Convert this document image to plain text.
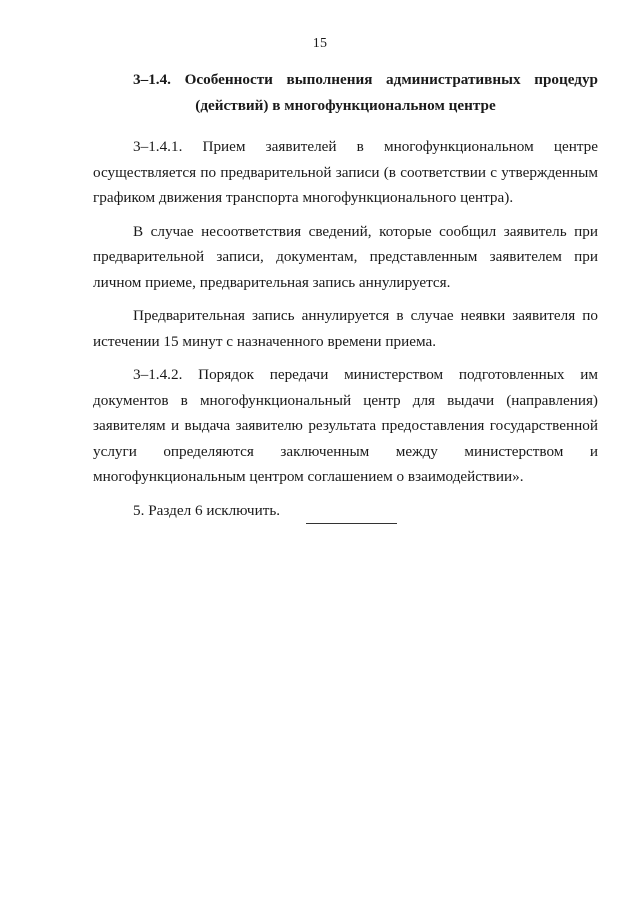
15

3–1.4. Особенности выполнения административных процедур (действий) в многофункциональном центре

3–1.4.1. Прием заявителей в многофункциональном центре осуществляется по предварительной записи (в соответствии с утвержденным графиком движения транспорта многофункционального центра).

В случае несоответствия сведений, которые сообщил заявитель при предварительной записи, документам, представленным заявителем при личном приеме, предварительная запись аннулируется.

Предварительная запись аннулируется в случае неявки заявителя по истечении 15 минут с назначенного времени приема.

3–1.4.2. Порядок передачи министерством подготовленных им документов в многофункциональный центр для выдачи (направления) заявителям и выдача заявителю результата предоставления государственной услуги определяются заключенным между министерством и многофункциональным центром соглашением о взаимодействии».

5. Раздел 6 исключить.
